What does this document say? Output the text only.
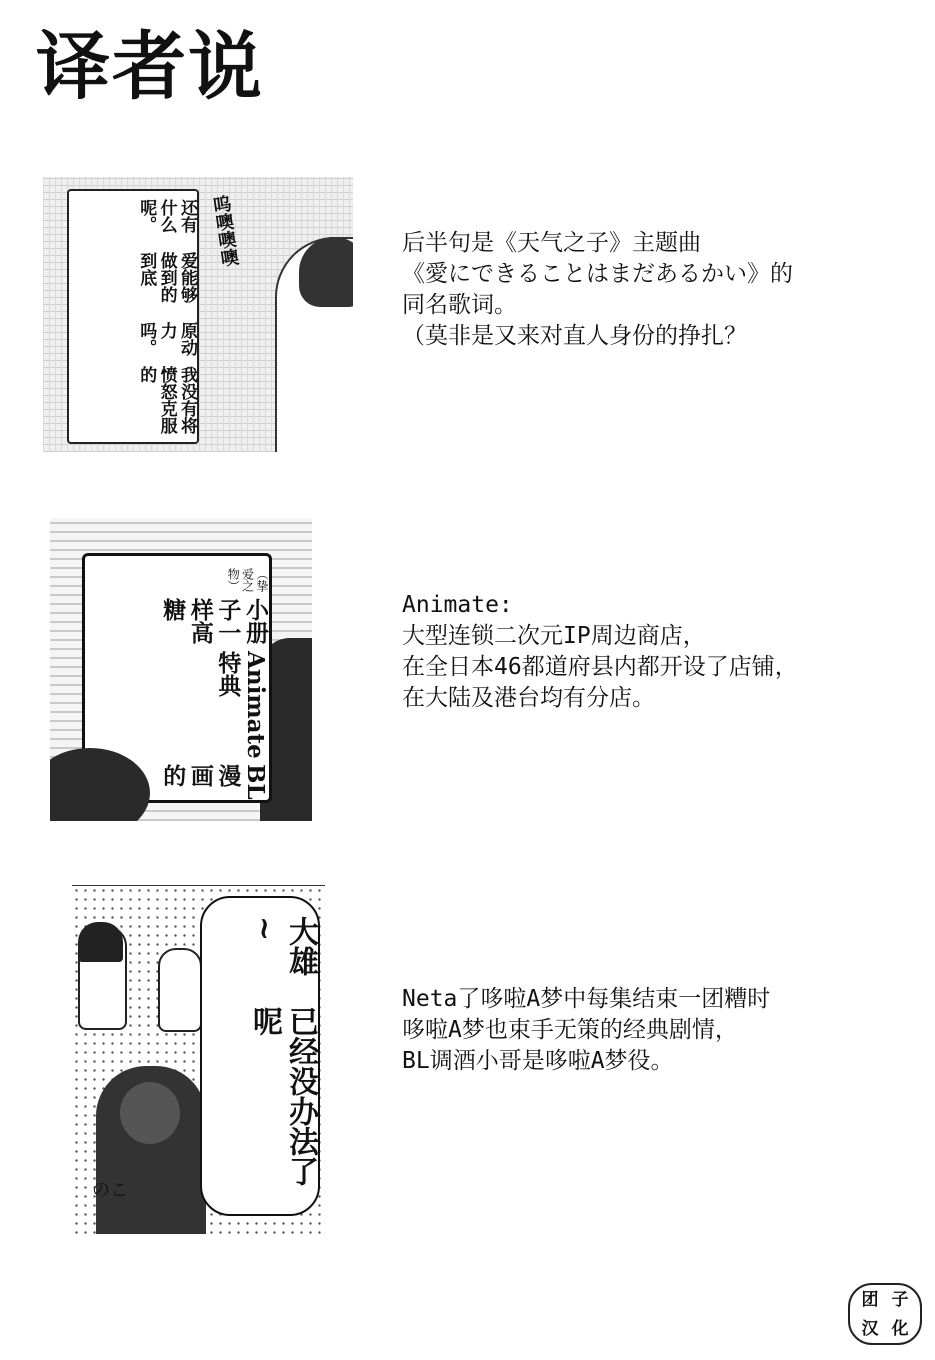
译者说
我没有将愤怒克服的
原动力吗。
爱能够做到的到底
还有什么呢。	呜噢噢噢	后半句是《天气之子》主题曲
《愛にできることはまだあるかい》的
同名歌词。
（莫非是又来对直人身份的挣扎？
BL漫画的
Animate特典
小册子一样高糖
（挚爱之物）
Animate:
大型连锁二次元IP周边商店，
在全日本46都道府县内都开设了店铺，
在大陆及港台均有分店。
已经没办法了呢
大雄~
のこ
Neta了哆啦A梦中每集结束一团糟时
哆啦A梦也束手无策的经典剧情，
BL调酒小哥是哆啦A梦役。
团 子
汉 化
